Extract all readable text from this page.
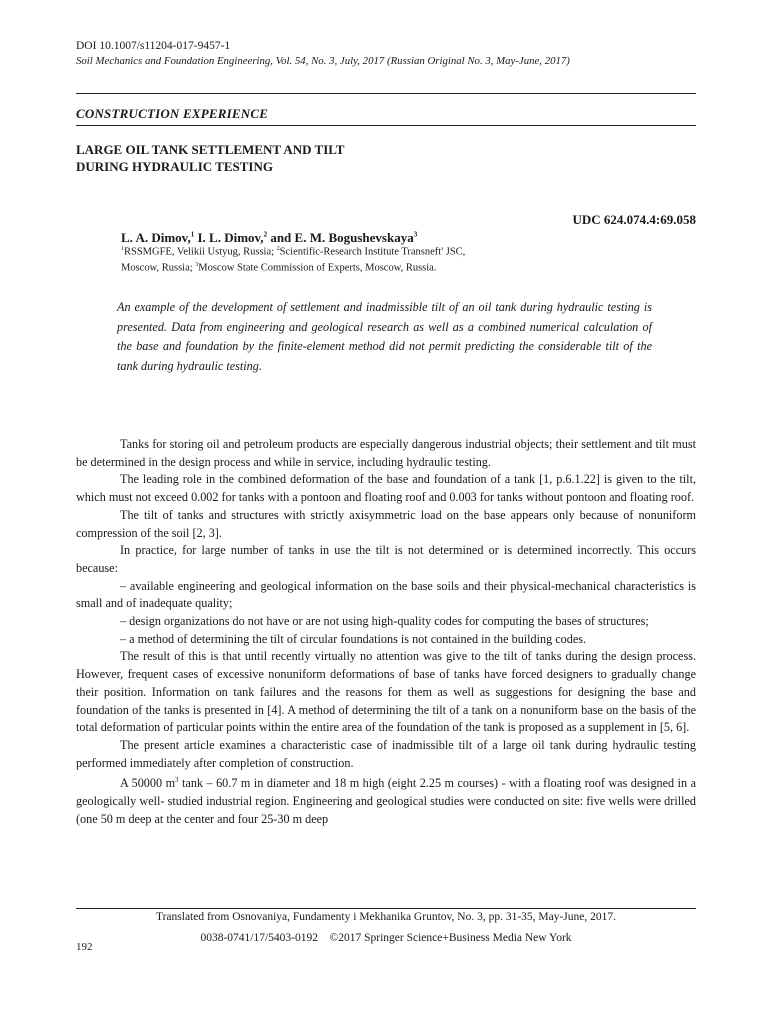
DOI 10.1007/s11204-017-9457-1
Soil Mechanics and Foundation Engineering, Vol. 54, No. 3, July, 2017 (Russian Original No. 3, May-June, 2017)
CONSTRUCTION EXPERIENCE
LARGE OIL TANK SETTLEMENT AND TILT
DURING HYDRAULIC TESTING
UDC 624.074.4:69.058
L. A. Dimov,$^1$ I. L. Dimov,$^2$ and E. M. Bogushevskaya$^3$
$^1$RSSMGFE, Velikii Ustyug, Russia; $^2$Scientific-Research Institute Transneft' JSC, Moscow, Russia; $^3$Moscow State Commission of Experts, Moscow, Russia.
An example of the development of settlement and inadmissible tilt of an oil tank during hydraulic testing is presented. Data from engineering and geological research as well as a combined numerical calculation of the base and foundation by the finite-element method did not permit predicting the considerable tilt of the tank during hydraulic testing.

Tanks for storing oil and petroleum products are especially dangerous industrial objects; their settlement and tilt must be determined in the design process and while in service, including hydraulic testing.

The leading role in the combined deformation of the base and foundation of a tank [1, p.6.1.22] is given to the tilt, which must not exceed 0.002 for tanks with a pontoon and floating roof and 0.003 for tanks without pontoon and floating roof.

The tilt of tanks and structures with strictly axisymmetric load on the base appears only because of nonuniform compression of the soil [2, 3].

In practice, for large number of tanks in use the tilt is not determined or is determined incorrectly. This occurs because:

– available engineering and geological information on the base soils and their physical-mechanical characteristics is small and of inadequate quality;

– design organizations do not have or are not using high-quality codes for computing the bases of structures;

– a method of determining the tilt of circular foundations is not contained in the building codes.

The result of this is that until recently virtually no attention was give to the tilt of tanks during the design process. However, frequent cases of excessive nonuniform deformations of base of tanks have forced designers to gradually change their position. Information on tank failures and the reasons for them as well as suggestions for designing the base and foundation of the tanks is presented in [4]. A method of determining the tilt of a tank on a nonuniform base on the basis of the total deformation of particular points within the entire area of the foundation of the tank is proposed as a supplement in [5, 6].

The present article examines a characteristic case of inadmissible tilt of a large oil tank during hydraulic testing performed immediately after completion of construction.

A 50000 $m^3$ tank – 60.7 m in diameter and 18 m high (eight 2.25 m courses) - with a floating roof was designed in a geologically well- studied industrial region. Engineering and geological studies were conducted on site: five wells were drilled (one 50 m deep at the center and four 25-30 m deep

Translated from Osnovaniya, Fundamenty i Mekhanika Gruntov, No. 3, pp. 31-35, May-June, 2017.
0038-0741/17/5403-0192 ©2017 Springer Science+Business Media New York
192
